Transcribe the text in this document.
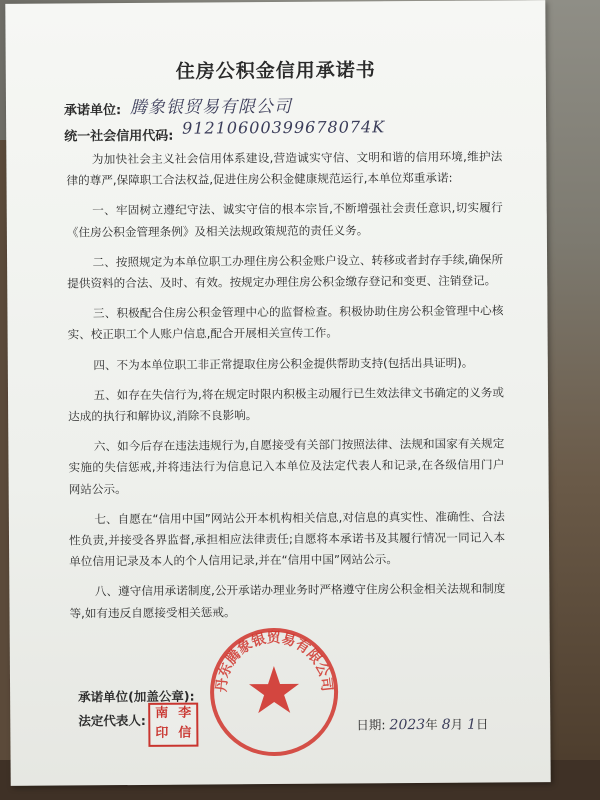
住房公积金信用承诺书
承诺单位: 腾象银贸易有限公司
统一社会信用代码: 91210600399678074K

为加快社会主义社会信用体系建设,营造诚实守信、文明和谐的信用环境,维护法律的尊严,保障职工合法权益,促进住房公积金健康规范运行,本单位郑重承诺:

一、牢固树立遵纪守法、诚实守信的根本宗旨,不断增强社会责任意识,切实履行《住房公积金管理条例》及相关法规政策规范的责任义务。

二、按照规定为本单位职工办理住房公积金账户设立、转移或者封存手续,确保所提供资料的合法、及时、有效。按规定办理住房公积金缴存登记和变更、注销登记。

三、积极配合住房公积金管理中心的监督检查。积极协助住房公积金管理中心核实、校正职工个人账户信息,配合开展相关宣传工作。

四、不为本单位职工非正常提取住房公积金提供帮助支持(包括出具证明)。

五、如存在失信行为,将在规定时限内积极主动履行已生效法律文书确定的义务或达成的执行和解协议,消除不良影响。

六、如今后存在违法违规行为,自愿接受有关部门按照法律、法规和国家有关规定实施的失信惩戒,并将违法行为信息记入本单位及法定代表人和记录,在各级信用门户网站公示。

七、自愿在“信用中国”网站公开本机构相关信息,对信息的真实性、准确性、合法性负责,并接受各界监督,承担相应法律责任;自愿将本承诺书及其履行情况一同记入本单位信用记录及本人的个人信用记录,并在“信用中国”网站公示。

八、遵守信用承诺制度,公开承诺办理业务时严格遵守住房公积金相关法规和制度等,如有违反自愿接受相关惩戒。

承诺单位(加盖公章):
法定代表人: 南 李
印 信
丹东腾象银贸易有限公司
日期: 2023年 8月 1日
